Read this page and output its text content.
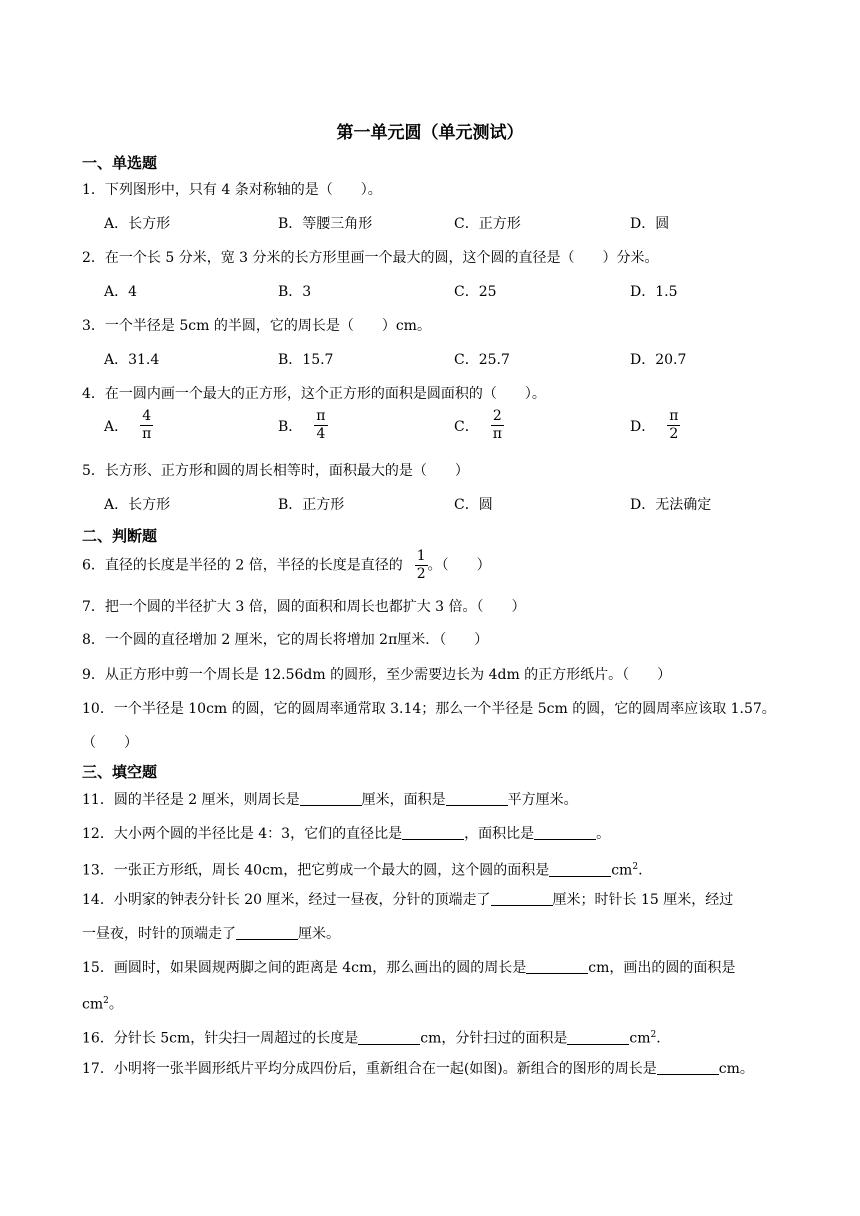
第一单元圆（单元测试）
一、单选题
1．下列图形中，只有 4 条对称轴的是（　　）。
A．长方形	B．等腰三角形	C．正方形	D．圆
2．在一个长 5 分米，宽 3 分米的长方形里画一个最大的圆，这个圆的直径是（　　）分米。
A．4	B．3	C．25	D．1.5
3．一个半径是 5cm 的半圆，它的周长是（　　）cm。
A．31.4	B．15.7	C．25.7	D．20.7
4．在一圆内画一个最大的正方形，这个正方形的面积是圆面积的（　　）。
A． $\frac{4}{\pi}$	B． $\frac{\pi}{4}$	C． $\frac{2}{\pi}$	D． $\frac{\pi}{2}$
5．长方形、正方形和圆的周长相等时，面积最大的是（　　）
A．长方形	B．正方形	C．圆	D．无法确定
二、判断题
6．直径的长度是半径的 2 倍，半径的长度是直径的 $\frac{1}{2}$ 。（　　）
7．把一个圆的半径扩大 3 倍，圆的面积和周长也都扩大 3 倍。（　　）
8．一个圆的直径增加 2 厘米，它的周长将增加 2π厘米．（　　）
9．从正方形中剪一个周长是 12.56dm 的圆形，至少需要边长为 4dm 的正方形纸片。（　　）
10．一个半径是 10cm 的圆，它的圆周率通常取 3.14；那么一个半径是 5cm 的圆，它的圆周率应该取 1.57。
（　　）
三、填空题
11．圆的半径是 2 厘米，则周长是	厘米，面积是	平方厘米。
12．大小两个圆的半径比是 4：3，它们的直径比是	，面积比是	。
13．一张正方形纸，周长 40cm，把它剪成一个最大的圆，这个圆的面积是	$cm^2$.
14．小明家的钟表分针长 20 厘米，经过一昼夜，分针的顶端走了	厘米；时针长 15 厘米，经过
一昼夜，时针的顶端走了	厘米。
15．画圆时，如果圆规两脚之间的距离是 4cm，那么画出的圆的周长是	cm，画出的圆的面积是
$cm^2$。
16．分针长 5cm，针尖扫一周超过的长度是	cm，分针扫过的面积是	$cm^2$.
17．小明将一张半圆形纸片平均分成四份后，重新组合在一起(如图)。新组合的图形的周长是	cm。
